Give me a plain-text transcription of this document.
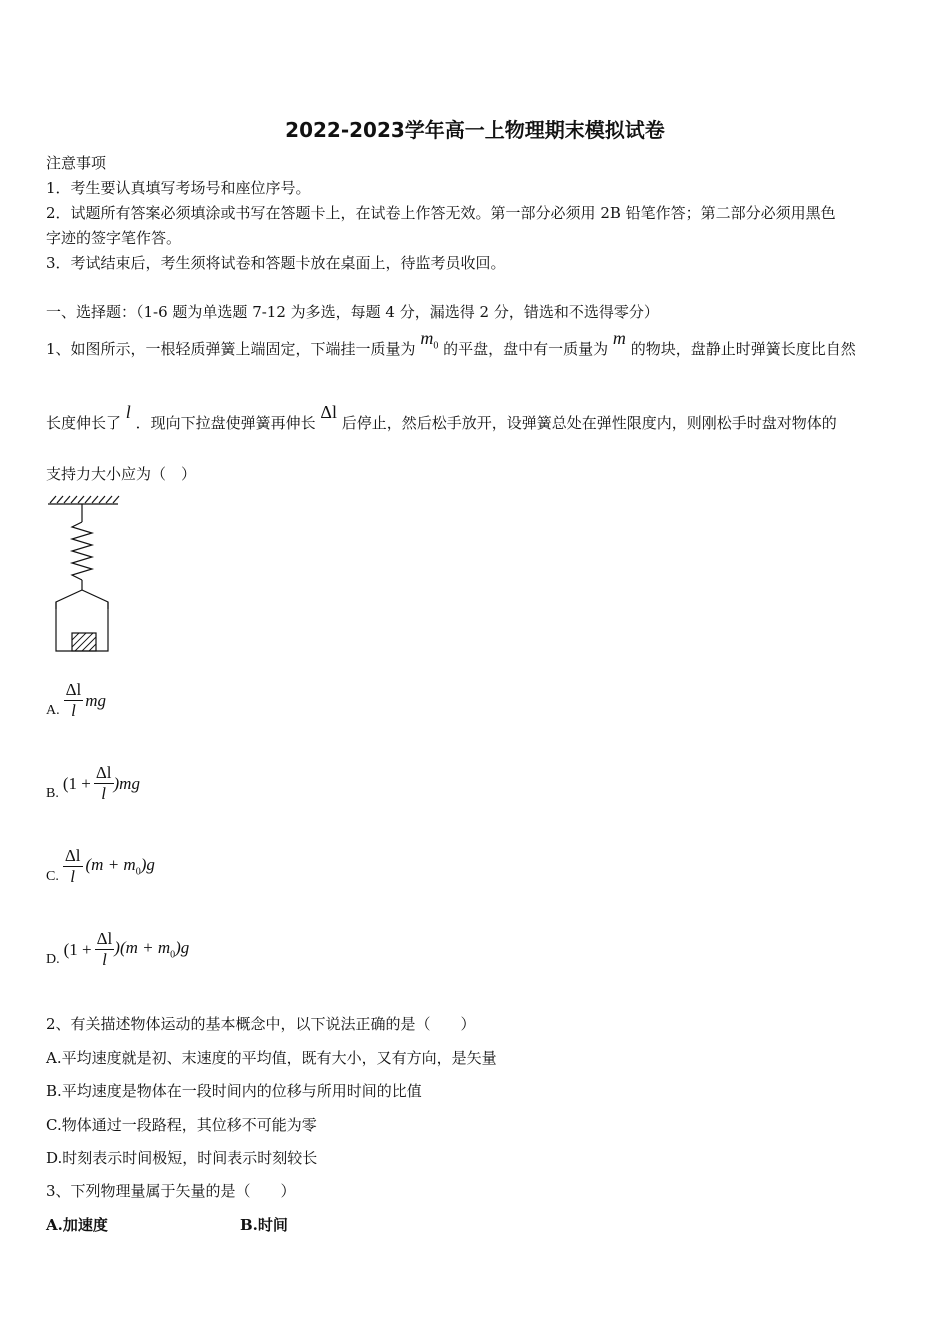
2022-2023学年高一上物理期末模拟试卷
注意事项
1．考生要认真填写考场号和座位序号。
2．试题所有答案必须填涂或书写在答题卡上，在试卷上作答无效。第一部分必须用 2B 铅笔作答；第二部分必须用黑色
字迹的签字笔作答。
3．考试结束后，考生须将试卷和答题卡放在桌面上，待监考员收回。
一、选择题：（1-6 题为单选题 7-12 为多选，每题 4 分，漏选得 2 分，错选和不选得零分）
1、如图所示，一根轻质弹簧上端固定，下端挂一质量为 $m_0$ 的平盘，盘中有一质量为 m 的物块，盘静止时弹簧长度比自然
长度伸长了 l ．现向下拉盘使弹簧再伸长 Δl 后停止，然后松手放开，设弹簧总处在弹性限度内，则刚松手时盘对物体的
支持力大小应为（　）
A. $\frac{\Delta l}{l}$ mg
B.
$(1 + \frac{\Delta l}{l} )mg$
C. $\frac{\Delta l}{l} (m + m_0)g$
D.
$(1 + \frac{\Delta l}{l} )(m + m_0)g$
2、有关描述物体运动的基本概念中，以下说法正确的是（　　）
A.平均速度就是初、末速度的平均值，既有大小，又有方向，是矢量
B.平均速度是物体在一段时间内的位移与所用时间的比值
C.物体通过一段路程，其位移不可能为零
D.时刻表示时间极短，时间表示时刻较长
3、下列物理量属于矢量的是（　　）
A.加速度	B.时间
